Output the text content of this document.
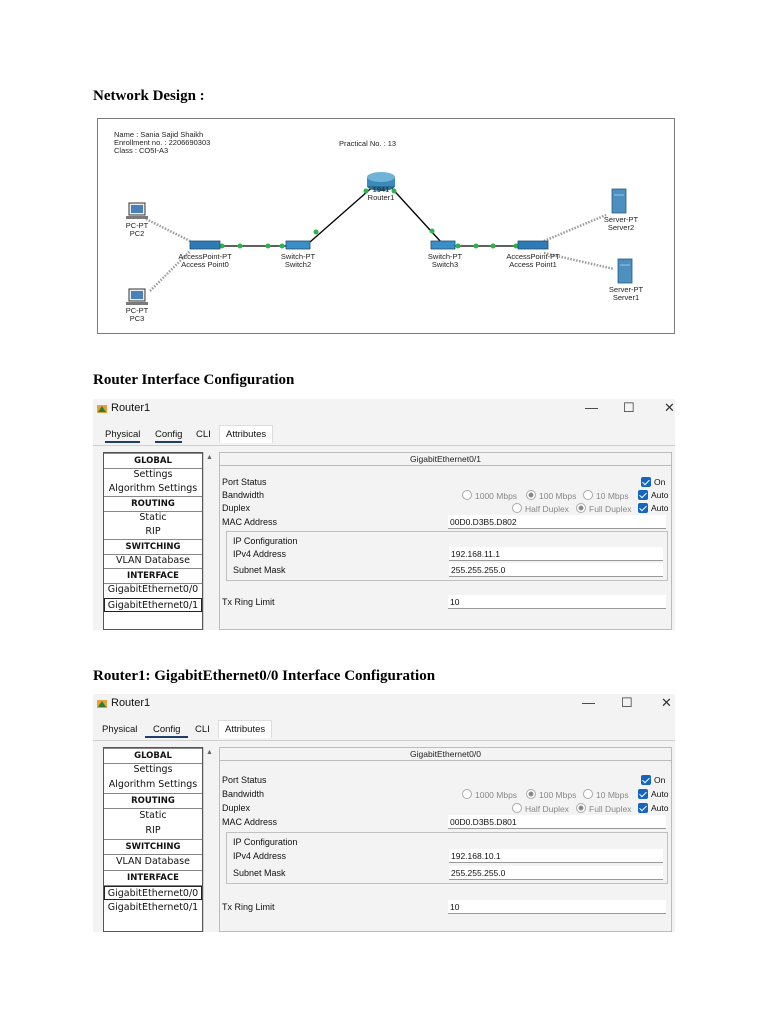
Network Design :
Router Interface Configuration
Router1: GigabitEthernet0/0 Interface Configuration
Name : Sania Sajid Shaikh
Enrollment no. : 2206690303
Class : CO5I-A3
Practical No. : 13
1941
Router1
PC-PT
PC2
PC-PT
PC3
AccessPoint-PT
Access Point0
Switch-PT
Switch2
Switch-PT
Switch3
AccessPoint-PT
Access Point1
Server-PT
Server2
Server-PT
Server1
Router1	— ☐ ✕
Physical Config CLI	Attributes
GLOBAL
Settings
Algorithm Settings
ROUTING
Static
RIP
SWITCHING
VLAN Database
INTERFACE
GigabitEthernet0/0
GigabitEthernet0/1
▲	GigabitEthernet0/1
Port Status	On
Bandwidth	1000 Mbps	100 Mbps	10 Mbps	Auto
Duplex	Half Duplex	Full Duplex	Auto
MAC Address	00D0.D3B5.D802
IP Configuration
IPv4 Address	192.168.11.1
Subnet Mask	255.255.255.0
Tx Ring Limit	10
Router1	— ☐ ✕
Physical	Config	CLI	Attributes
GLOBAL
Settings
Algorithm Settings
ROUTING
Static
RIP
SWITCHING
VLAN Database
INTERFACE
GigabitEthernet0/0
GigabitEthernet0/1
▲	GigabitEthernet0/0
Port Status	On
Bandwidth	1000 Mbps	100 Mbps	10 Mbps	Auto
Duplex	Half Duplex	Full Duplex	Auto
MAC Address	00D0.D3B5.D801
IP Configuration
IPv4 Address	192.168.10.1
Subnet Mask	255.255.255.0
Tx Ring Limit	10
